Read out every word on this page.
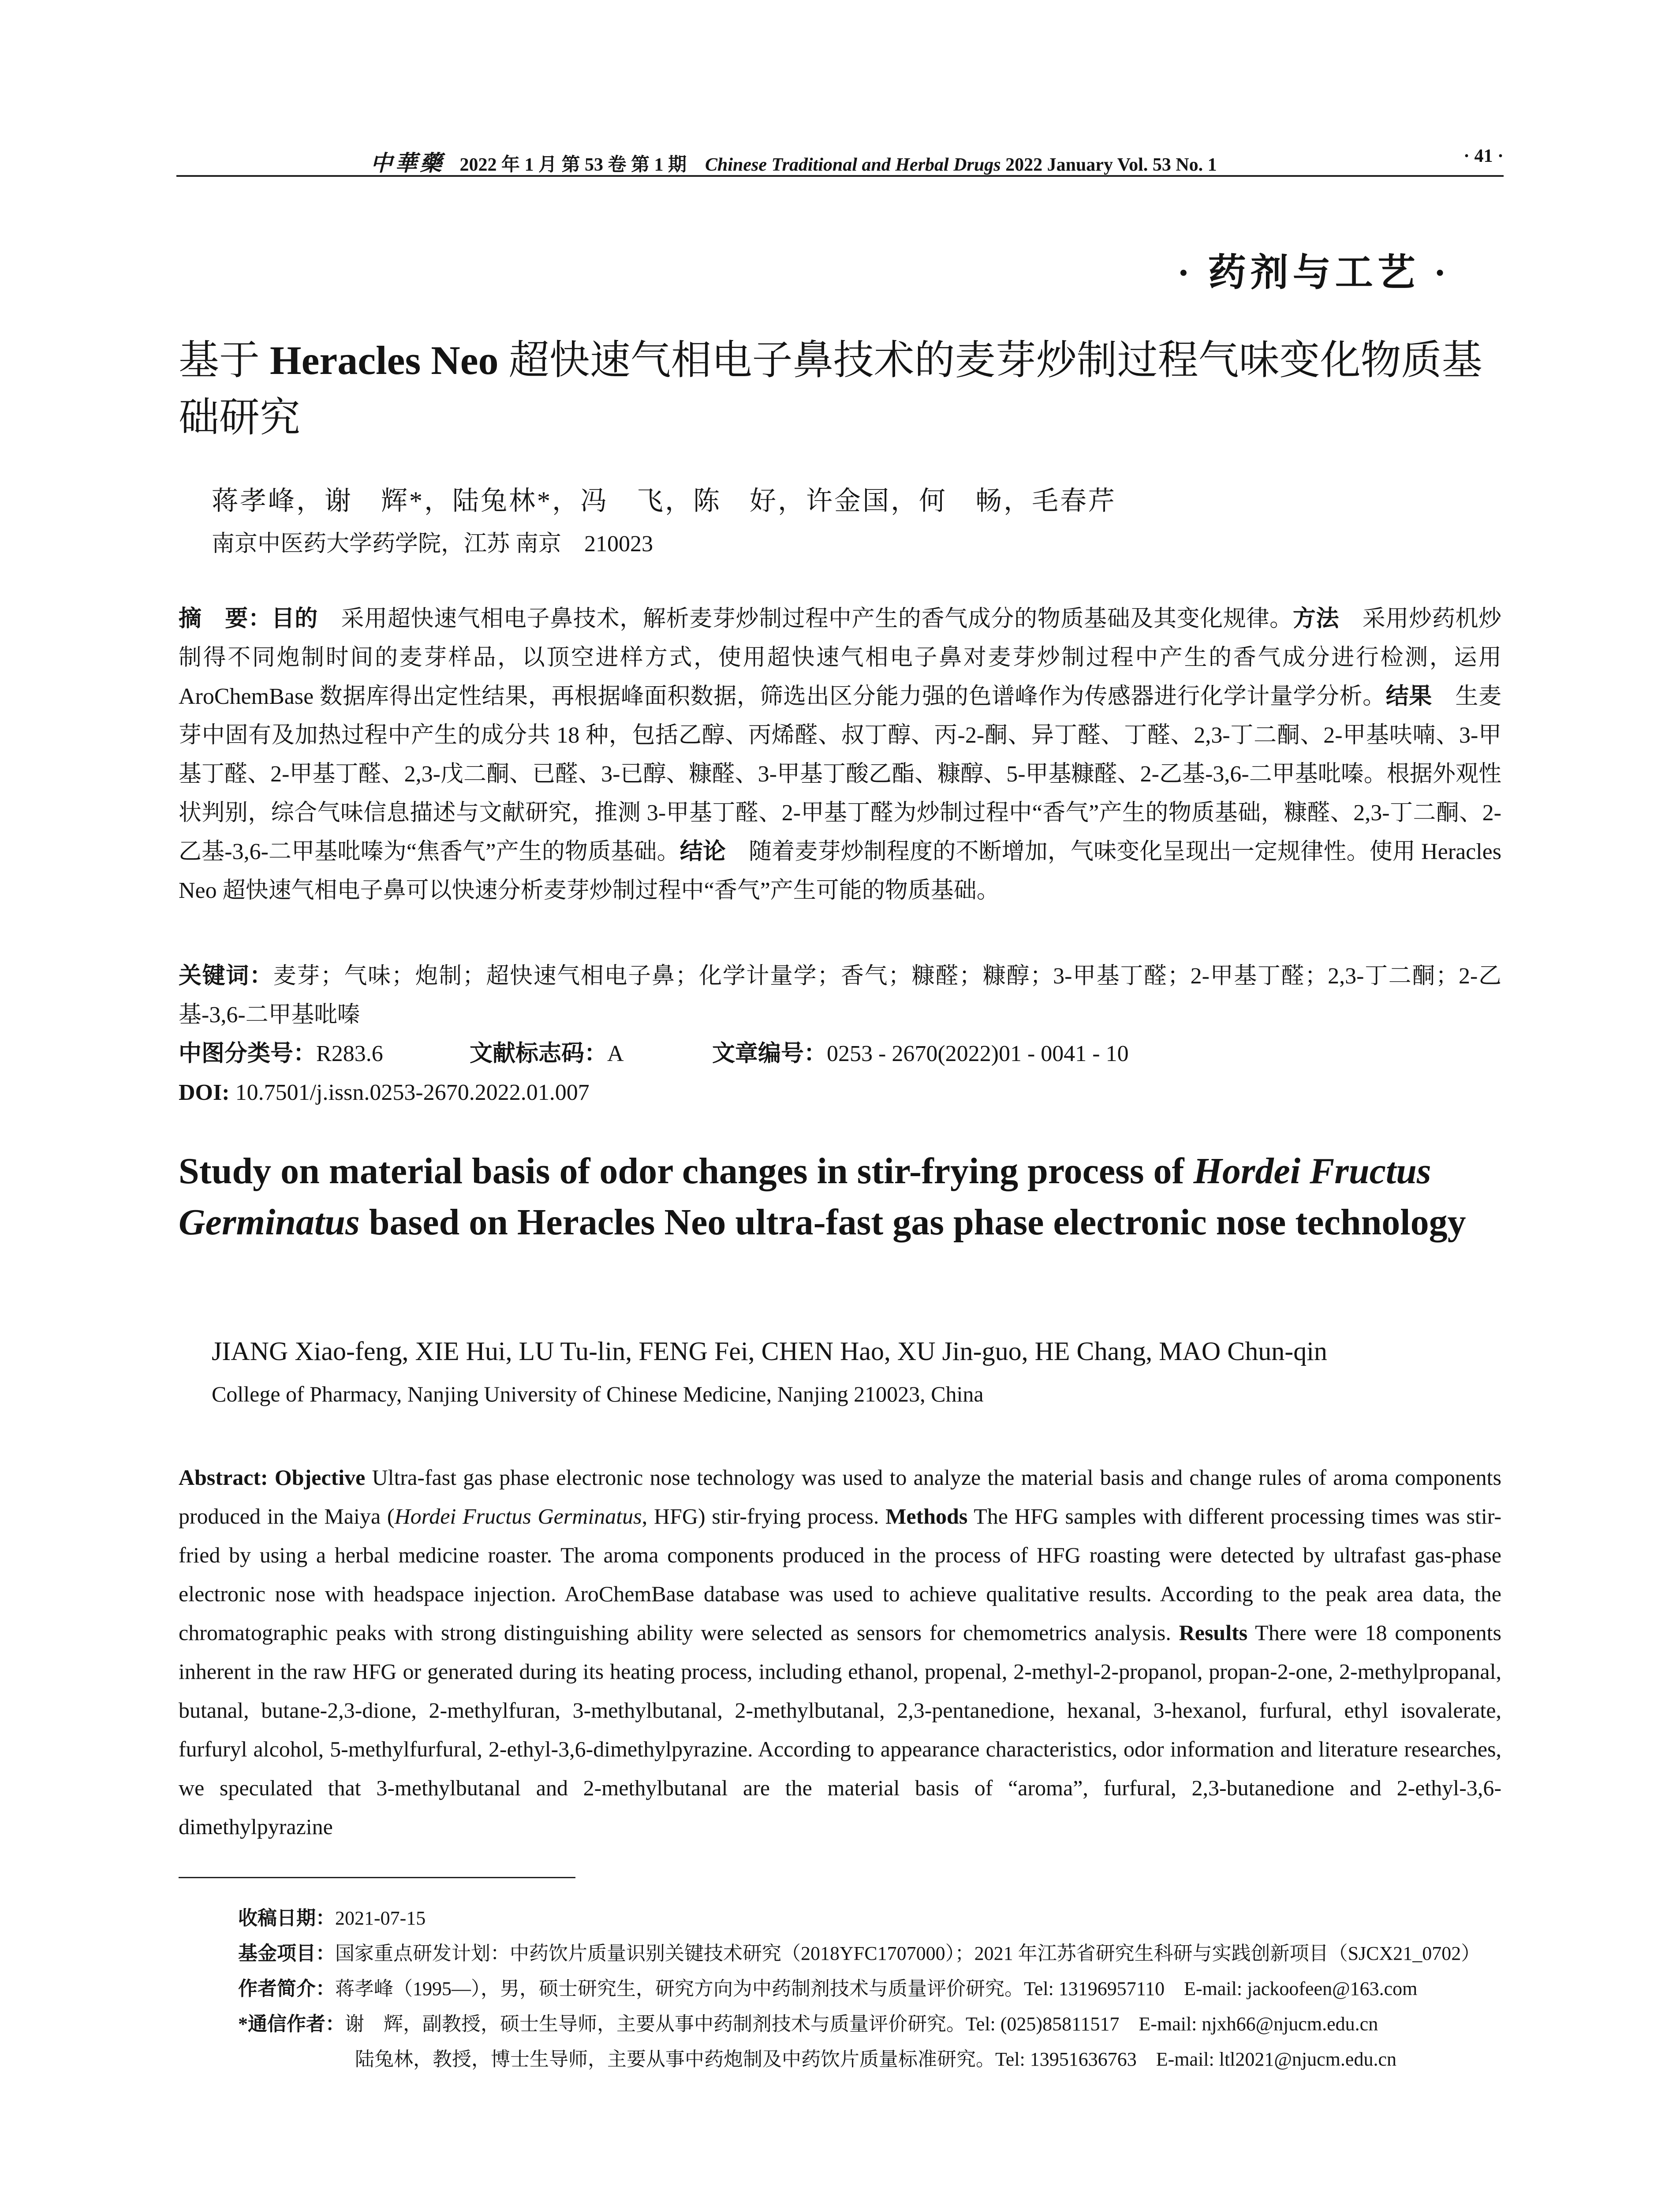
中華藥 2022 年 1 月 第 53 卷 第 1 期 Chinese Traditional and Herbal Drugs 2022 January Vol. 53 No. 1	· 41 ·
· 药剂与工艺 ·
基于 Heracles Neo 超快速气相电子鼻技术的麦芽炒制过程气味变化物质基础研究
蒋孝峰，谢　辉*，陆兔林*，冯　飞，陈　好，许金国，何　畅，毛春芹
南京中医药大学药学院，江苏 南京　210023
摘　要：目的　采用超快速气相电子鼻技术，解析麦芽炒制过程中产生的香气成分的物质基础及其变化规律。方法　采用炒药机炒制得不同炮制时间的麦芽样品，以顶空进样方式，使用超快速气相电子鼻对麦芽炒制过程中产生的香气成分进行检测，运用 AroChemBase 数据库得出定性结果，再根据峰面积数据，筛选出区分能力强的色谱峰作为传感器进行化学计量学分析。结果　生麦芽中固有及加热过程中产生的成分共 18 种，包括乙醇、丙烯醛、叔丁醇、丙-2-酮、异丁醛、丁醛、2,3-丁二酮、2-甲基呋喃、3-甲基丁醛、2-甲基丁醛、2,3-戊二酮、已醛、3-已醇、糠醛、3-甲基丁酸乙酯、糠醇、5-甲基糠醛、2-乙基-3,6-二甲基吡嗪。根据外观性状判别，综合气味信息描述与文献研究，推测 3-甲基丁醛、2-甲基丁醛为炒制过程中“香气”产生的物质基础，糠醛、2,3-丁二酮、2-乙基-3,6-二甲基吡嗪为“焦香气”产生的物质基础。结论　随着麦芽炒制程度的不断增加，气味变化呈现出一定规律性。使用 Heracles Neo 超快速气相电子鼻可以快速分析麦芽炒制过程中“香气”产生可能的物质基础。
关键词：麦芽；气味；炮制；超快速气相电子鼻；化学计量学；香气；糠醛；糠醇；3-甲基丁醛；2-甲基丁醛；2,3-丁二酮；2-乙基-3,6-二甲基吡嗪
中图分类号：R283.6	文献标志码：A	文章编号：0253 - 2670(2022)01 - 0041 - 10
DOI: 10.7501/j.issn.0253-2670.2022.01.007
Study on material basis of odor changes in stir-frying process of Hordei Fructus Germinatus based on Heracles Neo ultra-fast gas phase electronic nose technology
JIANG Xiao-feng, XIE Hui, LU Tu-lin, FENG Fei, CHEN Hao, XU Jin-guo, HE Chang, MAO Chun-qin
College of Pharmacy, Nanjing University of Chinese Medicine, Nanjing 210023, China
Abstract: Objective Ultra-fast gas phase electronic nose technology was used to analyze the material basis and change rules of aroma components produced in the Maiya (Hordei Fructus Germinatus, HFG) stir-frying process. Methods The HFG samples with different processing times was stir-fried by using a herbal medicine roaster. The aroma components produced in the process of HFG roasting were detected by ultrafast gas-phase electronic nose with headspace injection. AroChemBase database was used to achieve qualitative results. According to the peak area data, the chromatographic peaks with strong distinguishing ability were selected as sensors for chemometrics analysis. Results There were 18 components inherent in the raw HFG or generated during its heating process, including ethanol, propenal, 2-methyl-2-propanol, propan-2-one, 2-methylpropanal, butanal, butane-2,3-dione, 2-methylfuran, 3-methylbutanal, 2-methylbutanal, 2,3-pentanedione, hexanal, 3-hexanol, furfural, ethyl isovalerate, furfuryl alcohol, 5-methylfurfural, 2-ethyl-3,6-dimethylpyrazine. According to appearance characteristics, odor information and literature researches, we speculated that 3-methylbutanal and 2-methylbutanal are the material basis of “aroma”, furfural, 2,3-butanedione and 2-ethyl-3,6-dimethylpyrazine
收稿日期：2021-07-15
基金项目：国家重点研发计划：中药饮片质量识别关键技术研究（2018YFC1707000）；2021 年江苏省研究生科研与实践创新项目（SJCX21_0702）
作者简介：蒋孝峰（1995—），男，硕士研究生，研究方向为中药制剂技术与质量评价研究。Tel: 13196957110　E-mail: jackoofeen@163.com
*通信作者：谢　辉，副教授，硕士生导师，主要从事中药制剂技术与质量评价研究。Tel: (025)85811517　E-mail: njxh66@njucm.edu.cn
陆兔林，教授，博士生导师，主要从事中药炮制及中药饮片质量标准研究。Tel: 13951636763　E-mail: ltl2021@njucm.edu.cn
